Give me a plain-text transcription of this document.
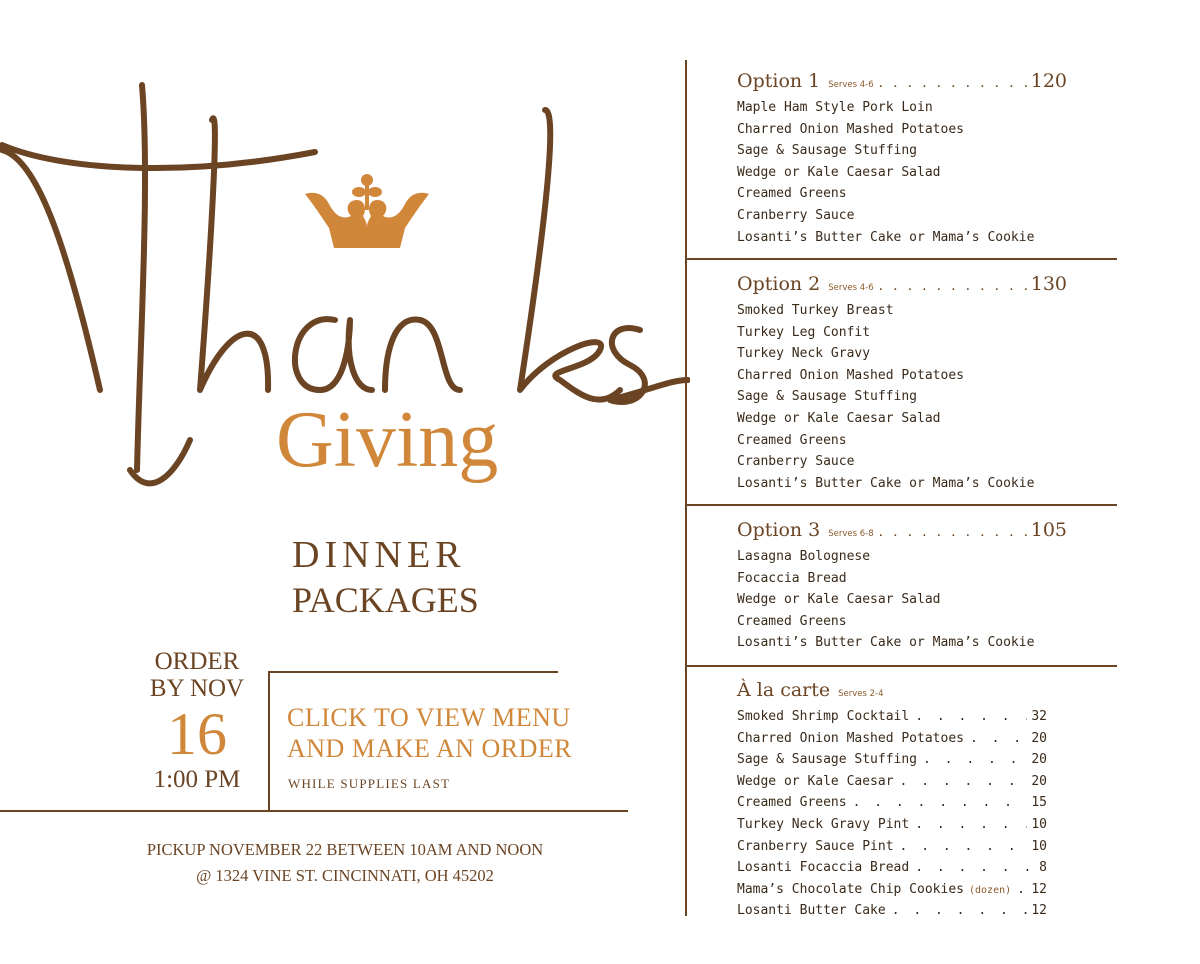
Giving
DINNER
PACKAGES
ORDER
BY NOV
16
1:00 PM
CLICK TO VIEW MENU
AND MAKE AN ORDER
WHILE SUPPLIES LAST
PICKUP NOVEMBER 22 BETWEEN 10AM AND NOON
@ 1324 VINE ST. CINCINNATI, OH 45202
Option 1 Serves 4-6 . . .	120
Maple Ham Style Pork Loin
Charred Onion Mashed Potatoes
Sage & Sausage Stuffing
Wedge or Kale Caesar Salad
Creamed Greens
Cranberry Sauce
Losanti’s Butter Cake or Mama’s Cookie
Option 2 Serves 4-6 . . .	130
Smoked Turkey Breast
Turkey Leg Confit
Turkey Neck Gravy
Charred Onion Mashed Potatoes
Sage & Sausage Stuffing
Wedge or Kale Caesar Salad
Creamed Greens
Cranberry Sauce
Losanti’s Butter Cake or Mama’s Cookie
Option 3 Serves 6-8 . . .	105
Lasagna Bolognese
Focaccia Bread
Wedge or Kale Caesar Salad
Creamed Greens
Losanti’s Butter Cake or Mama’s Cookie
À la carte Serves 2-4
Smoked Shrimp Cocktail . . .	32
Charred Onion Mashed Potatoes . . .	20
Sage & Sausage Stuffing . . .	20
Wedge or Kale Caesar . . .	20
Creamed Greens . . .	15
Turkey Neck Gravy Pint . . .	10
Cranberry Sauce Pint . . .	10
Losanti Focaccia Bread . . .	8
Mama’s Chocolate Chip Cookies (dozen) . . . 12
Losanti Butter Cake . . .	12
